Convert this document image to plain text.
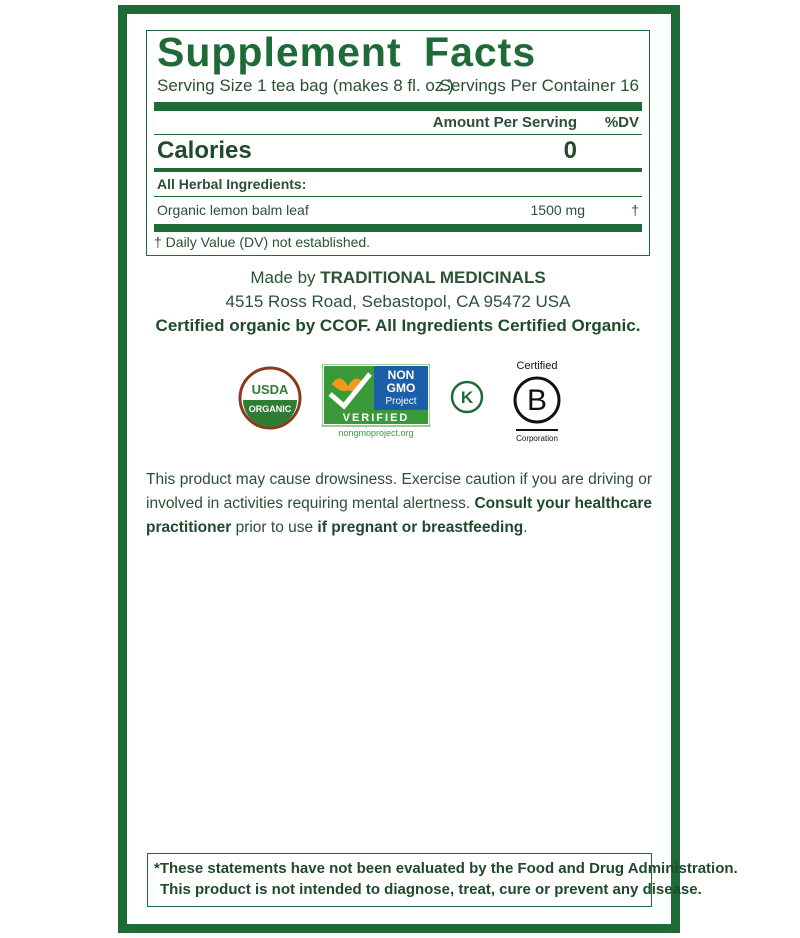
Supplement Facts
Serving Size 1 tea bag (makes 8 fl. oz.)
Servings Per Container 16
Amount Per Serving %DV
Calories	0
All Herbal Ingredients:
Organic lemon balm leaf	1500 mg	†
† Daily Value (DV) not established.
Made by TRADITIONAL MEDICINALS
4515 Ross Road, Sebastopol, CA 95472 USA
Certified organic by CCOF. All Ingredients Certified Organic.
USDA
ORGANIC
NON
GMO
Project
VERIFIED
nongmoproject.org
K
Certified
B
Corporation
This product may cause drowsiness. Exercise caution if you are driving or involved in activities requiring mental alertness. Consult your healthcare practitioner prior to use if pregnant or breastfeeding.
*These statements have not been evaluated by the Food and Drug Administration.
This product is not intended to diagnose, treat, cure or prevent any disease.
